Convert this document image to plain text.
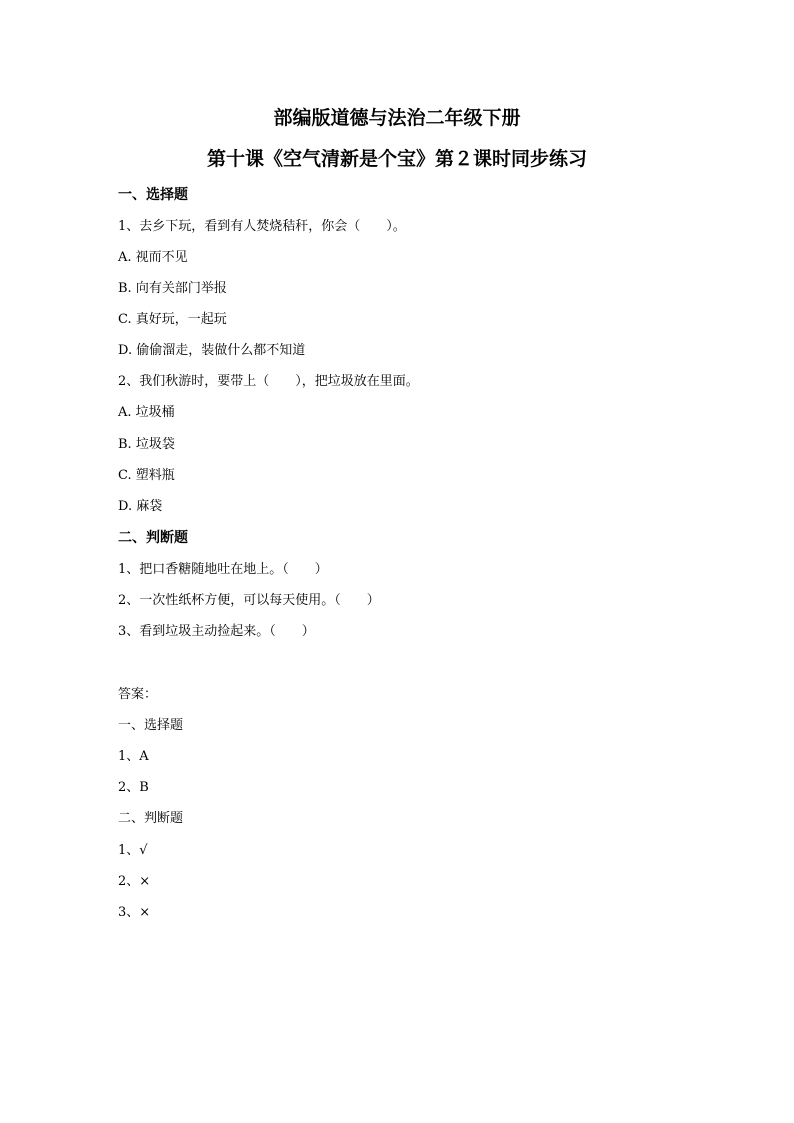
部编版道德与法治二年级下册
第十课《空气清新是个宝》第２课时同步练习
一、选择题
1、去乡下玩，看到有人焚烧秸秆，你会（　　）。
A. 视而不见
B. 向有关部门举报
C. 真好玩，一起玩
D. 偷偷溜走，装做什么都不知道
2、我们秋游时，要带上（　　），把垃圾放在里面。
A. 垃圾桶
B. 垃圾袋
C. 塑料瓶
D. 麻袋
二、判断题
1、把口香糖随地吐在地上。（　　）
2、一次性纸杯方便，可以每天使用。（　　）
3、看到垃圾主动捡起来。（　　）
答案：
一、选择题
1、A
2、B
二、判断题
1、√
2、×
3、×
